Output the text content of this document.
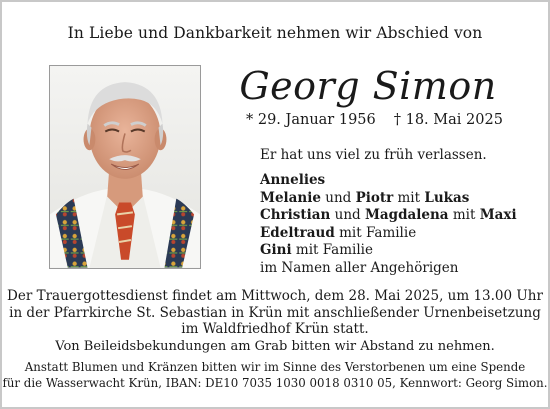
In Liebe und Dankbarkeit nehmen wir Abschied von
Georg Simon
* 29. Januar 1956 † 18. Mai 2025
Er hat uns viel zu früh verlassen.
Annelies
Melanie und Piotr mit Lukas
Christian und Magdalena mit Maxi
Edeltraud mit Familie
Gini mit Familie
im Namen aller Angehörigen
Der Trauergottesdienst findet am Mittwoch, dem 28. Mai 2025, um 13.00 Uhr
in der Pfarrkirche St. Sebastian in Krün mit anschließender Urnenbeisetzung
im Waldfriedhof Krün statt.
Von Beileidsbekundungen am Grab bitten wir Abstand zu nehmen.
Anstatt Blumen und Kränzen bitten wir im Sinne des Verstorbenen um eine Spende
für die Wasserwacht Krün, IBAN: DE10 7035 1030 0018 0310 05, Kennwort: Georg Simon.
